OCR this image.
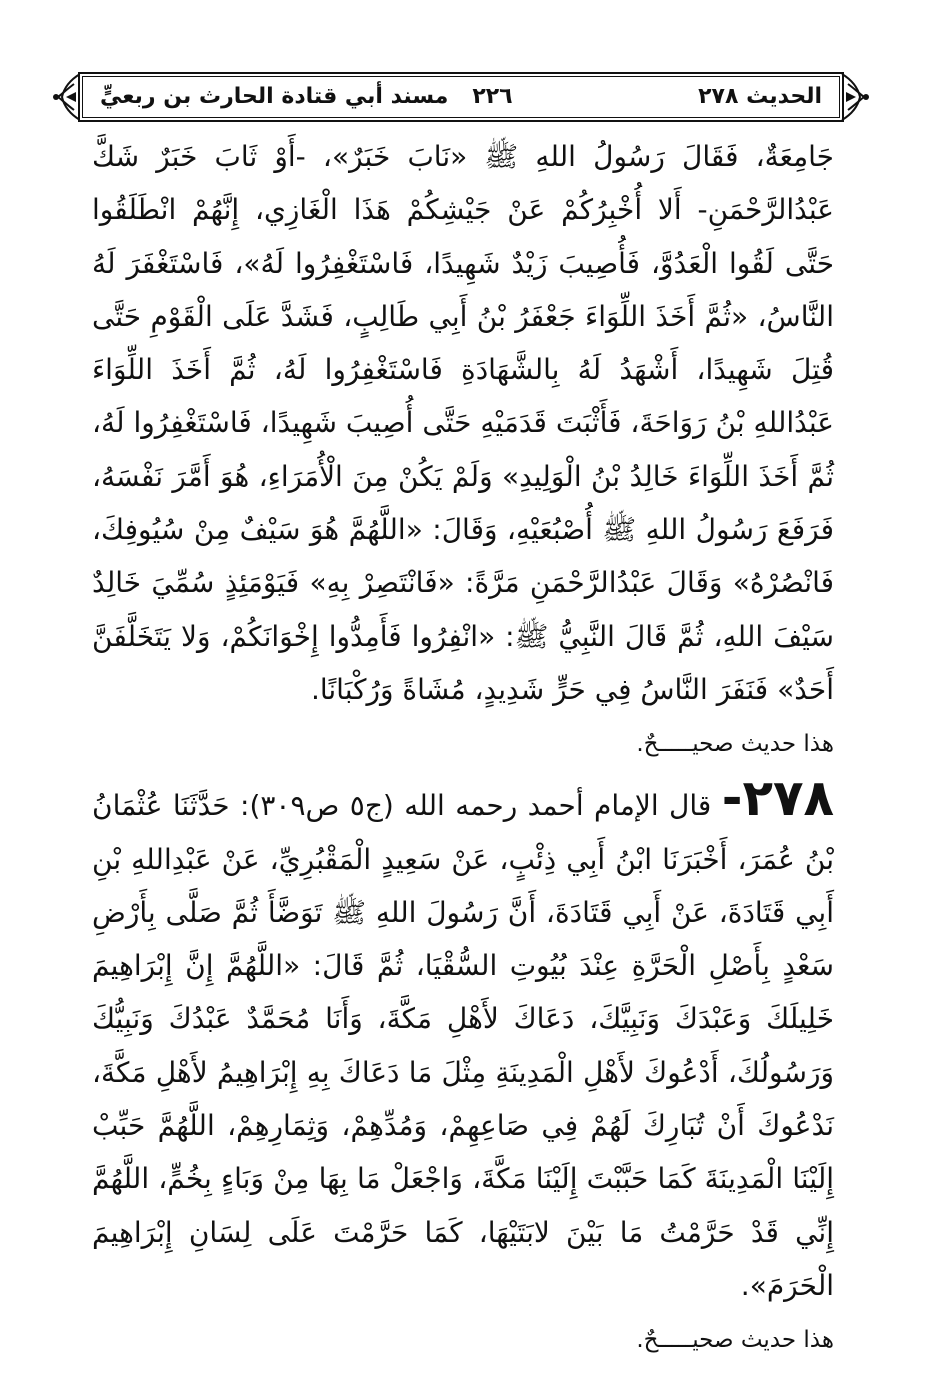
الحديث ٢٧٨
٢٢٦
مسند أبي قتادة الحارث بن ربعيٍّ

جَامِعَةٌ، فَقَالَ رَسُولُ اللهِ ﷺ «نَابَ خَبَرٌ»، -أَوْ ثَابَ خَبَرٌ شَكَّ عَبْدُالرَّحْمَنِ- أَلا أُخْبِرُكُمْ عَنْ جَيْشِكُمْ هَذَا الْغَازِي، إِنَّهُمْ انْطَلَقُوا حَتَّى لَقُوا الْعَدُوَّ، فَأُصِيبَ زَيْدٌ شَهِيدًا، فَاسْتَغْفِرُوا لَهُ»، فَاسْتَغْفَرَ لَهُ النَّاسُ، «ثُمَّ أَخَذَ اللِّوَاءَ جَعْفَرُ بْنُ أَبِي طَالِبٍ، فَشَدَّ عَلَى الْقَوْمِ حَتَّى قُتِلَ شَهِيدًا، أَشْهَدُ لَهُ بِالشَّهَادَةِ فَاسْتَغْفِرُوا لَهُ، ثُمَّ أَخَذَ اللِّوَاءَ عَبْدُاللهِ بْنُ رَوَاحَةَ، فَأَثْبَتَ قَدَمَيْهِ حَتَّى أُصِيبَ شَهِيدًا، فَاسْتَغْفِرُوا لَهُ، ثُمَّ أَخَذَ اللِّوَاءَ خَالِدُ بْنُ الْوَلِيدِ» وَلَمْ يَكُنْ مِنَ الْأُمَرَاءِ، هُوَ أَمَّرَ نَفْسَهُ، فَرَفَعَ رَسُولُ اللهِ ﷺ أُصْبُعَيْهِ، وَقَالَ: «اللَّهُمَّ هُوَ سَيْفٌ مِنْ سُيُوفِكَ، فَانْصُرْهُ» وَقَالَ عَبْدُالرَّحْمَنِ مَرَّةً: «فَانْتَصِرْ بِهِ» فَيَوْمَئِذٍ سُمِّيَ خَالِدٌ سَيْفَ اللهِ، ثُمَّ قَالَ النَّبِيُّ ﷺ: «انْفِرُوا فَأَمِدُّوا إِخْوَانَكُمْ، وَلا يَتَخَلَّفَنَّ أَحَدٌ» فَنَفَرَ النَّاسُ فِي حَرٍّ شَدِيدٍ، مُشَاةً وَرُكْبَانًا.

هذا حديث صحيـــــحٌ.

٢٧٨- قال الإمام أحمد رحمه الله (ج٥ ص٣٠٩): حَدَّثَنَا عُثْمَانُ بْنُ عُمَرَ، أَخْبَرَنَا ابْنُ أَبِي ذِئْبٍ، عَنْ سَعِيدٍ الْمَقْبُرِيِّ، عَنْ عَبْدِاللهِ بْنِ أَبِي قَتَادَةَ، عَنْ أَبِي قَتَادَةَ، أَنَّ رَسُولَ اللهِ ﷺ تَوَضَّأَ ثُمَّ صَلَّى بِأَرْضِ سَعْدٍ بِأَصْلِ الْحَرَّةِ عِنْدَ بُيُوتِ السُّقْيَا، ثُمَّ قَالَ: «اللَّهُمَّ إِنَّ إِبْرَاهِيمَ خَلِيلَكَ وَعَبْدَكَ وَنَبِيَّكَ، دَعَاكَ لأَهْلِ مَكَّةَ، وَأَنَا مُحَمَّدٌ عَبْدُكَ وَنَبِيُّكَ وَرَسُولُكَ، أَدْعُوكَ لأَهْلِ الْمَدِينَةِ مِثْلَ مَا دَعَاكَ بِهِ إِبْرَاهِيمُ لأَهْلِ مَكَّةَ، نَدْعُوكَ أَنْ تُبَارِكَ لَهُمْ فِي صَاعِهِمْ، وَمُدِّهِمْ، وَثِمَارِهِمْ، اللَّهُمَّ حَبِّبْ إِلَيْنَا الْمَدِينَةَ كَمَا حَبَّبْتَ إِلَيْنَا مَكَّةَ، وَاجْعَلْ مَا بِهَا مِنْ وَبَاءٍ بِخُمٍّ، اللَّهُمَّ إِنِّي قَدْ حَرَّمْتُ مَا بَيْنَ لابَتَيْهَا، كَمَا حَرَّمْتَ عَلَى لِسَانِ إِبْرَاهِيمَ الْحَرَمَ».

هذا حديث صحيـــــحٌ.
